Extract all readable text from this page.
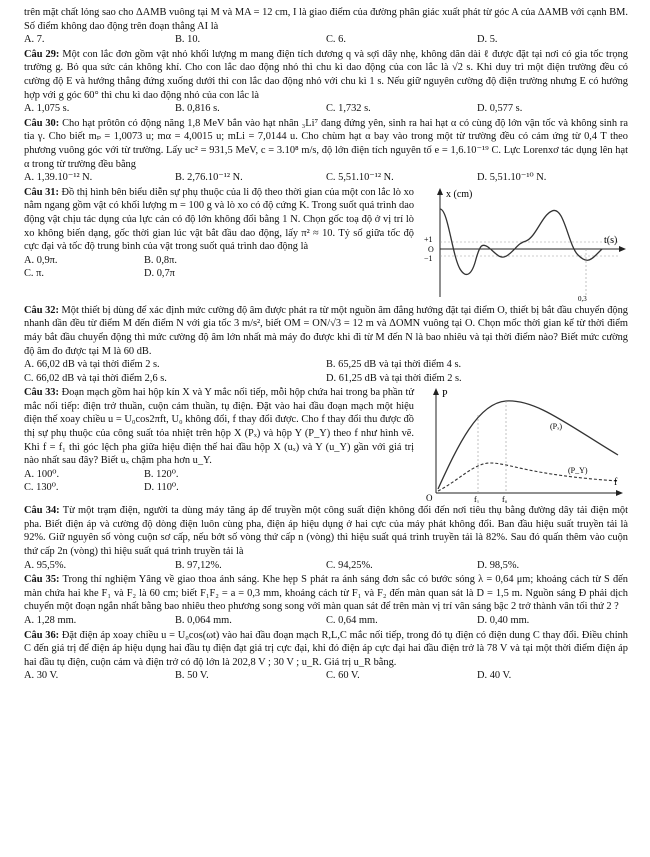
trên mặt chất lỏng sao cho ΔAMB vuông tại M và MA = 12 cm, I là giao điểm của đường phân giác xuất phát từ góc A của ΔAMB với cạnh BM. Số điểm không dao động trên đoạn thẳng AI là

A. 7.	B. 10.	C. 6.	D. 5.

Câu 29: Một con lắc đơn gồm vật nhỏ khối lượng m mang điện tích dương q và sợi dây nhẹ, không dãn dài ℓ được đặt tại nơi có gia tốc trọng trường g. Bỏ qua sức cản không khí. Cho con lắc dao động nhỏ thì chu kì dao động của con lắc là √2 s. Khi duy trì một điện trường đều có cường độ E và hướng thẳng đứng xuống dưới thì con lắc dao động nhỏ với chu kì 1 s. Nếu giữ nguyên cường độ điện trường nhưng E có hướng hợp với g góc 60° thì chu kì dao động nhỏ của con lắc là

A. 1,075 s.	B. 0,816 s.	C. 1,732 s.	D. 0,577 s.

Câu 30: Cho hạt prôtôn có động năng 1,8 MeV bắn vào hạt nhân ₃Li⁷ đang đứng yên, sinh ra hai hạt α có cùng độ lớn vận tốc và không sinh ra tia γ. Cho biết mₚ = 1,0073 u; mα = 4,0015 u; mLi = 7,0144 u. Cho chùm hạt α bay vào trong một từ trường đều có cảm ứng từ 0,4 T theo phương vuông góc với từ trường. Lấy uc² = 931,5 MeV, c = 3.10⁸ m/s, độ lớn điện tích nguyên tố e = 1,6.10⁻¹⁹ C. Lực Lorenxơ tác dụng lên hạt α trong từ trường đều bằng

A. 1,39.10⁻¹² N.	B. 2,76.10⁻¹² N.	C. 5,51.10⁻¹² N.	D. 5,51.10⁻¹⁰ N.

Câu 31: Đồ thị hình bên biểu diễn sự phụ thuộc của li độ theo thời gian của một con lắc lò xo nằm ngang gồm vật có khối lượng m = 100 g và lò xo có độ cứng K. Trong suốt quá trình dao động vật chịu tác dụng của lực cản có độ lớn không đổi bằng 1 N. Chọn gốc toạ độ ở vị trí lò xo không biến dạng, gốc thời gian lúc vật bắt đầu dao động, lấy π² ≈ 10. Tỷ số giữa tốc độ cực đại và tốc độ trung bình của vật trong suốt quá trình dao động là

A. 0,9π.	B. 0,8π.
C. π.	D. 0,7π
x (cm)
t(s)
+1
O
−1
0,3

Câu 32: Một thiết bị dùng để xác định mức cường độ âm được phát ra từ một nguồn âm đẳng hướng đặt tại điểm O, thiết bị bắt đầu chuyển động nhanh dần đều từ điểm M đến điểm N với gia tốc 3 m/s², biết OM = ON/√3 = 12 m và ΔOMN vuông tại O. Chọn mốc thời gian kể từ thời điểm máy bắt đầu chuyển động thì mức cường độ âm lớn nhất mà máy đo được khi đi từ M đến N là bao nhiêu và tại thời điểm nào? Biết mức cường độ âm đo được tại M là 60 dB.

A. 66,02 dB và tại thời điểm 2 s.	B. 65,25 dB và tại thời điểm 4 s.
C. 66,02 dB và tại thời điểm 2,6 s.	D. 61,25 dB và tại thời điểm 2 s.

Câu 33: Đoạn mạch gồm hai hộp kín X và Y mắc nối tiếp, mỗi hộp chứa hai trong ba phần tử mắc nối tiếp: điện trở thuần, cuộn cảm thuần, tụ điện. Đặt vào hai đầu đoạn mạch một hiệu điện thế xoay chiều u = U₀cos2πft, U₀ không đổi, f thay đổi được. Cho f thay đổi thu được đồ thị sự phụ thuộc của công suất tỏa nhiệt trên hộp X (Pₓ) và hộp Y (P_Y) theo f như hình vẽ. Khi f = f₁ thì góc lệch pha giữa hiệu điện thế hai đầu hộp X (uₓ) và Y (u_Y) gần với giá trị nào nhất sau đây? Biết uₓ chậm pha hơn u_Y.

A. 100⁰.	B. 120⁰.
C. 130⁰.	D. 110⁰.
P
f
(Pₓ)
(P_Y)
O	f₁	f₀

Câu 34: Từ một trạm điện, người ta dùng máy tăng áp để truyền một công suất điện không đổi đến nơi tiêu thụ bằng đường dây tải điện một pha. Biết điện áp và cường độ dòng điện luôn cùng pha, điện áp hiệu dụng ở hai cực của máy phát không đổi. Ban đầu hiệu suất truyền tải là 92%. Giữ nguyên số vòng cuộn sơ cấp, nếu bớt số vòng thứ cấp n (vòng) thì hiệu suất quá trình truyền tải là 82%. Sau đó quấn thêm vào cuộn thứ cấp 2n (vòng) thì hiệu suất quá trình truyền tải là

A. 95,5%.	B. 97,12%.	C. 94,25%.	D. 98,5%.

Câu 35: Trong thí nghiệm Yâng về giao thoa ánh sáng. Khe hẹp S phát ra ánh sáng đơn sắc có bước sóng λ = 0,64 μm; khoảng cách từ S đến màn chứa hai khe F₁ và F₂ là 60 cm; biết F₁F₂ = a = 0,3 mm, khoảng cách từ F₁ và F₂ đến màn quan sát là D = 1,5 m. Nguồn sáng Đ phải dịch chuyển một đoạn ngắn nhất bằng bao nhiêu theo phương song song với màn quan sát để trên màn vị trí vân sáng bậc 2 trở thành vân tối thứ 2 ?

A. 1,28 mm.	B. 0,064 mm.	C. 0,64 mm.	D. 0,40 mm.

Câu 36: Đặt điện áp xoay chiều u = U₀cos(ωt) vào hai đầu đoạn mạch R,L,C mắc nối tiếp, trong đó tụ điện có điện dung C thay đổi. Điều chỉnh C đến giá trị để điện áp hiệu dụng hai đầu tụ điện đạt giá trị cực đại, khi đó điện áp cực đại hai đầu điện trở là 78 V và tại một thời điểm điện áp hai đầu tụ điện, cuộn cảm và điện trở có độ lớn là 202,8 V ; 30 V ; u_R. Giá trị u_R bằng.

A. 30 V.	B. 50 V.	C. 60 V.	D. 40 V.
